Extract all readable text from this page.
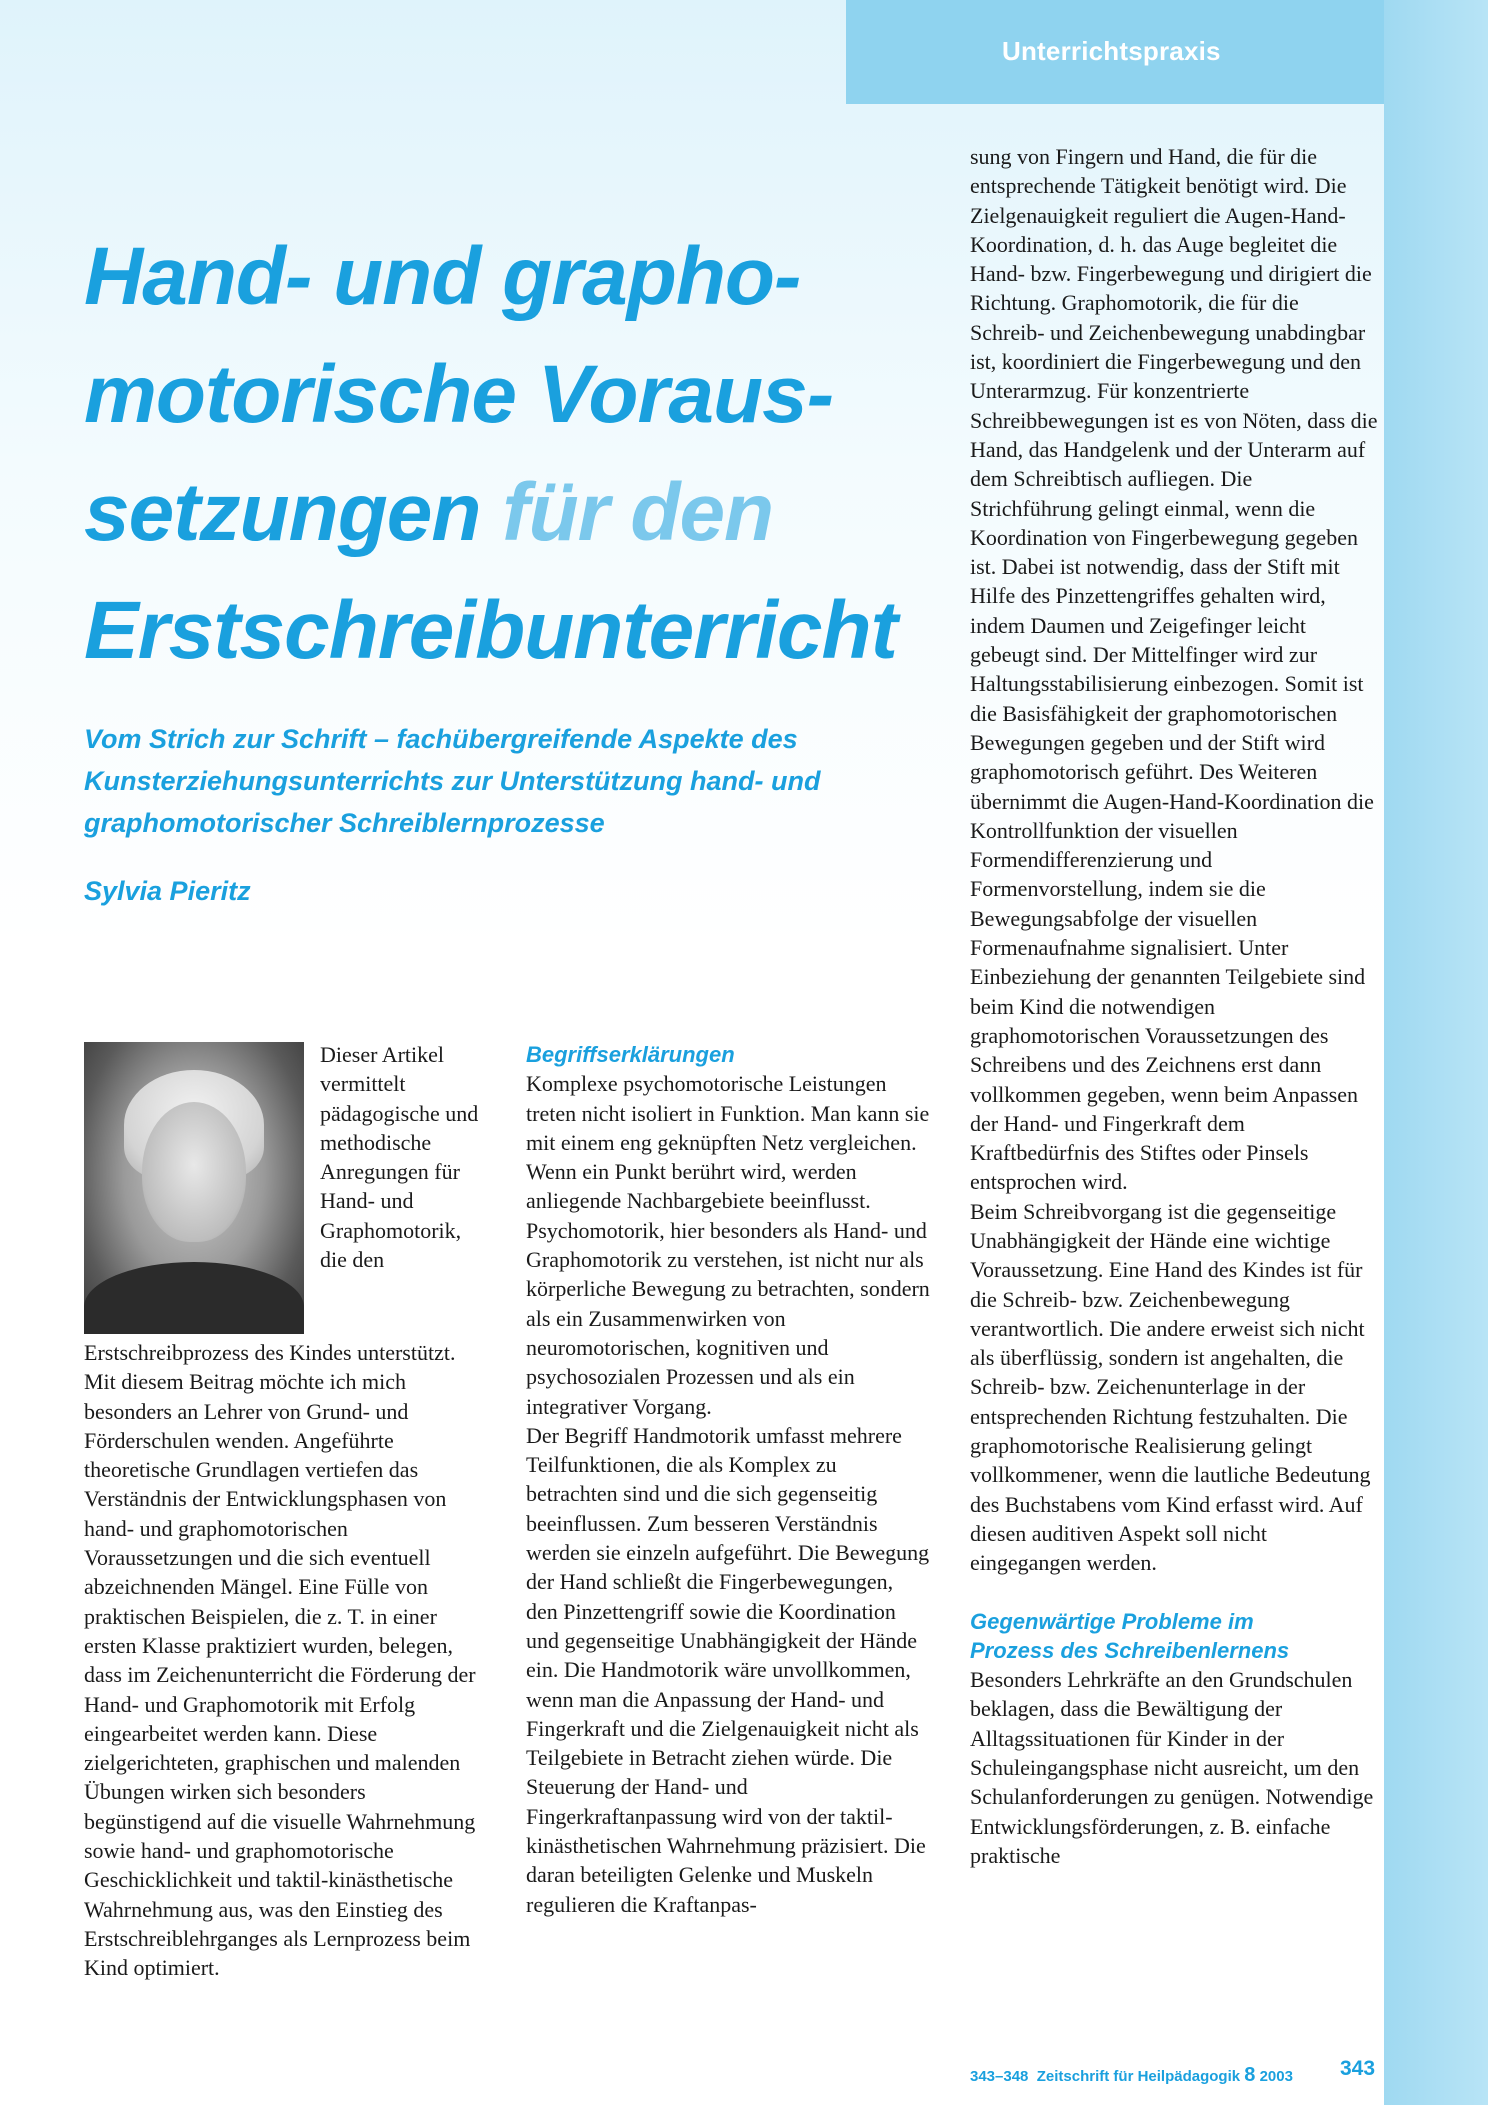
Unterrichtspraxis
Hand- und grapho-
motorische Voraus-
setzungen für den
Erstschreibunterricht
Vom Strich zur Schrift – fachübergreifende Aspekte des
Kunsterziehungsunterrichts zur Unterstützung hand- und
graphomotorischer Schreiblernprozesse
Sylvia Pieritz

Dieser Artikel vermittelt pädagogische und methodische Anregungen für Hand- und Graphomotorik, die den Erstschreibprozess des Kindes unterstützt. Mit diesem Beitrag möchte ich mich besonders an Lehrer von Grund- und Förderschulen wenden. Angeführte theoretische Grundlagen vertiefen das Verständnis der Entwicklungsphasen von hand- und graphomotorischen Voraussetzungen und die sich eventuell abzeichnenden Mängel. Eine Fülle von praktischen Beispielen, die z. T. in einer ersten Klasse praktiziert wurden, belegen, dass im Zeichenunterricht die Förderung der Hand- und Graphomotorik mit Erfolg eingearbeitet werden kann. Diese zielgerichteten, graphischen und malenden Übungen wirken sich besonders begünstigend auf die visuelle Wahrnehmung sowie hand- und graphomotorische Geschicklichkeit und taktil-kinästhetische Wahrnehmung aus, was den Einstieg des Erstschreiblehrganges als Lernprozess beim Kind optimiert.

Begriffserklärungen

Komplexe psychomotorische Leistungen treten nicht isoliert in Funktion. Man kann sie mit einem eng geknüpften Netz vergleichen. Wenn ein Punkt berührt wird, werden anliegende Nachbargebiete beeinflusst. Psychomotorik, hier besonders als Hand- und Graphomotorik zu verstehen, ist nicht nur als körperliche Bewegung zu betrachten, sondern als ein Zusammenwirken von neuromotorischen, kognitiven und psychosozialen Prozessen und als ein integrativer Vorgang.

Der Begriff Handmotorik umfasst mehrere Teilfunktionen, die als Komplex zu betrachten sind und die sich gegenseitig beeinflussen. Zum besseren Verständnis werden sie einzeln aufgeführt. Die Bewegung der Hand schließt die Fingerbewegungen, den Pinzettengriff sowie die Koordination und gegenseitige Unabhängigkeit der Hände ein. Die Handmotorik wäre unvollkommen, wenn man die Anpassung der Hand- und Fingerkraft und die Zielgenauigkeit nicht als Teilgebiete in Betracht ziehen würde. Die Steuerung der Hand- und Fingerkraftanpassung wird von der taktil-kinästhetischen Wahrnehmung präzisiert. Die daran beteiligten Gelenke und Muskeln regulieren die Kraftanpas-

sung von Fingern und Hand, die für die entsprechende Tätigkeit benötigt wird. Die Zielgenauigkeit reguliert die Augen-Hand-Koordination, d. h. das Auge begleitet die Hand- bzw. Fingerbewegung und dirigiert die Richtung. Graphomotorik, die für die Schreib- und Zeichenbewegung unabdingbar ist, koordiniert die Fingerbewegung und den Unterarmzug. Für konzentrierte Schreibbewegungen ist es von Nöten, dass die Hand, das Handgelenk und der Unterarm auf dem Schreibtisch aufliegen. Die Strichführung gelingt einmal, wenn die Koordination von Fingerbewegung gegeben ist. Dabei ist notwendig, dass der Stift mit Hilfe des Pinzettengriffes gehalten wird, indem Daumen und Zeigefinger leicht gebeugt sind. Der Mittelfinger wird zur Haltungsstabilisierung einbezogen. Somit ist die Basisfähigkeit der graphomotorischen Bewegungen gegeben und der Stift wird graphomotorisch geführt. Des Weiteren übernimmt die Augen-Hand-Koordination die Kontrollfunktion der visuellen Formendifferenzierung und Formenvorstellung, indem sie die Bewegungsabfolge der visuellen Formenaufnahme signalisiert. Unter Einbeziehung der genannten Teilgebiete sind beim Kind die notwendigen graphomotorischen Voraussetzungen des Schreibens und des Zeichnens erst dann vollkommen gegeben, wenn beim Anpassen der Hand- und Fingerkraft dem Kraftbedürfnis des Stiftes oder Pinsels entsprochen wird.

Beim Schreibvorgang ist die gegenseitige Unabhängigkeit der Hände eine wichtige Voraussetzung. Eine Hand des Kindes ist für die Schreib- bzw. Zeichenbewegung verantwortlich. Die andere erweist sich nicht als überflüssig, sondern ist angehalten, die Schreib- bzw. Zeichenunterlage in der entsprechenden Richtung festzuhalten. Die graphomotorische Realisierung gelingt vollkommener, wenn die lautliche Bedeutung des Buchstabens vom Kind erfasst wird. Auf diesen auditiven Aspekt soll nicht eingegangen werden.

Gegenwärtige Probleme im
Prozess des Schreibenlernens

Besonders Lehrkräfte an den Grundschulen beklagen, dass die Bewältigung der Alltagssituationen für Kinder in der Schuleingangsphase nicht ausreicht, um den Schulanforderungen zu genügen. Notwendige Entwicklungsförderungen, z. B. einfache praktische

343–348 Zeitschrift für Heilpädagogik 8 2003 343
